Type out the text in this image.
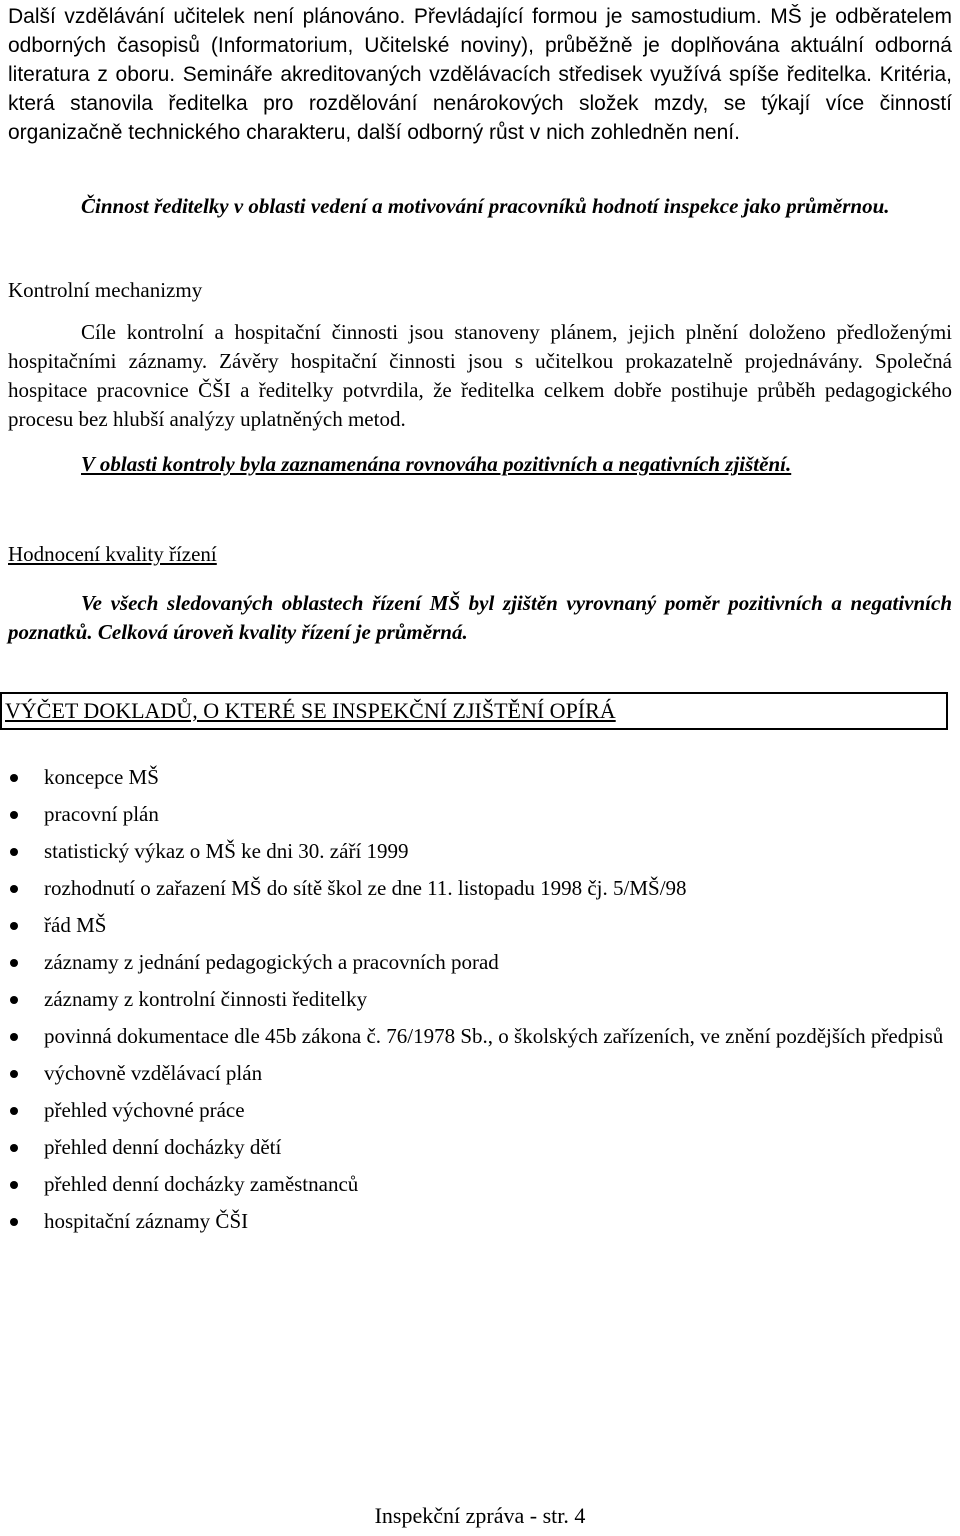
Další vzdělávání učitelek není plánováno. Převládající formou je samostudium. MŠ je odběratelem odborných časopisů (Informatorium, Učitelské noviny), průběžně je doplňována aktuální odborná literatura z oboru. Semináře akreditovaných vzdělávacích středisek využívá spíše ředitelka. Kritéria, která stanovila ředitelka pro rozdělování nenárokových složek mzdy, se týkají více činností organizačně technického charakteru, další odborný růst v nich zohledněn není.

Činnost ředitelky v oblasti vedení a motivování pracovníků hodnotí inspekce jako průměrnou.

Kontrolní mechanizmy

Cíle kontrolní a hospitační činnosti jsou stanoveny plánem, jejich plnění doloženo předloženými hospitačními záznamy. Závěry hospitační činnosti jsou s učitelkou prokazatelně projednávány. Společná hospitace pracovnice ČŠI a ředitelky potvrdila, že ředitelka celkem dobře postihuje průběh pedagogického procesu bez hlubší analýzy uplatněných metod.

V oblasti kontroly byla zaznamenána rovnováha pozitivních a negativních zjištění.

Hodnocení kvality řízení

Ve všech sledovaných oblastech řízení MŠ byl zjištěn vyrovnaný poměr pozitivních a negativních poznatků. Celková úroveň kvality řízení je průměrná.

VÝČET DOKLADŮ, O KTERÉ SE INSPEKČNÍ ZJIŠTĚNÍ OPÍRÁ
koncepce MŠ
pracovní plán
statistický výkaz o MŠ ke dni 30. září 1999
rozhodnutí o zařazení MŠ do sítě škol ze dne 11. listopadu 1998 čj. 5/MŠ/98
řád MŠ
záznamy z jednání pedagogických a pracovních porad
záznamy z kontrolní činnosti ředitelky
povinná dokumentace dle 45b zákona č. 76/1978 Sb., o školských zařízeních, ve znění pozdějších předpisů
výchovně vzdělávací plán
přehled výchovné práce
přehled denní docházky dětí
přehled denní docházky zaměstnanců
hospitační záznamy ČŠI
Inspekční zpráva - str. 4
